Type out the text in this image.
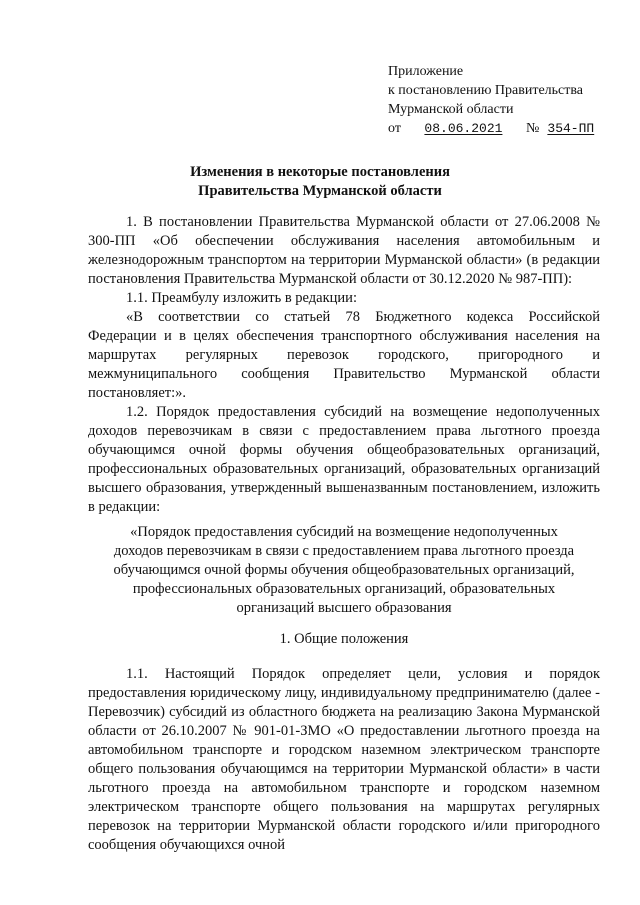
Приложение
к постановлению Правительства
Мурманской области
от 08.06.2021 № 354-ПП
Изменения в некоторые постановления
Правительства Мурманской области

1. В постановлении Правительства Мурманской области от 27.06.2008 № 300-ПП «Об обеспечении обслуживания населения автомобильным и железнодорожным транспортом на территории Мурманской области» (в редакции постановления Правительства Мурманской области от 30.12.2020 № 987-ПП):

1.1. Преамбулу изложить в редакции:

«В соответствии со статьей 78 Бюджетного кодекса Российской
Федерации и в целях обеспечения транспортного обслуживания населения на
маршрутах регулярных перевозок городского, пригородного и
межмуниципального сообщения Правительство Мурманской области
постановляет:».

1.2. Порядок предоставления субсидий на возмещение недополученных доходов перевозчикам в связи с предоставлением права льготного проезда обучающимся очной формы обучения общеобразовательных организаций, профессиональных образовательных организаций, образовательных организаций высшего образования, утвержденный вышеназванным постановлением, изложить в редакции:

«Порядок предоставления субсидий на возмещение недополученных
доходов перевозчикам в связи с предоставлением права льготного проезда
обучающимся очной формы обучения общеобразовательных организаций,
профессиональных образовательных организаций, образовательных
организаций высшего образования
1. Общие положения

1.1. Настоящий Порядок определяет цели, условия и порядок предоставления юридическому лицу, индивидуальному предпринимателю (далее - Перевозчик) субсидий из областного бюджета на реализацию Закона Мурманской области от 26.10.2007 № 901-01-ЗМО «О предоставлении льготного проезда на автомобильном транспорте и городском наземном электрическом транспорте общего пользования обучающимся на территории Мурманской области» в части льготного проезда на автомобильном транспорте и городском наземном электрическом транспорте общего пользования на маршрутах регулярных перевозок на территории Мурманской области городского и/или пригородного сообщения обучающихся очной
